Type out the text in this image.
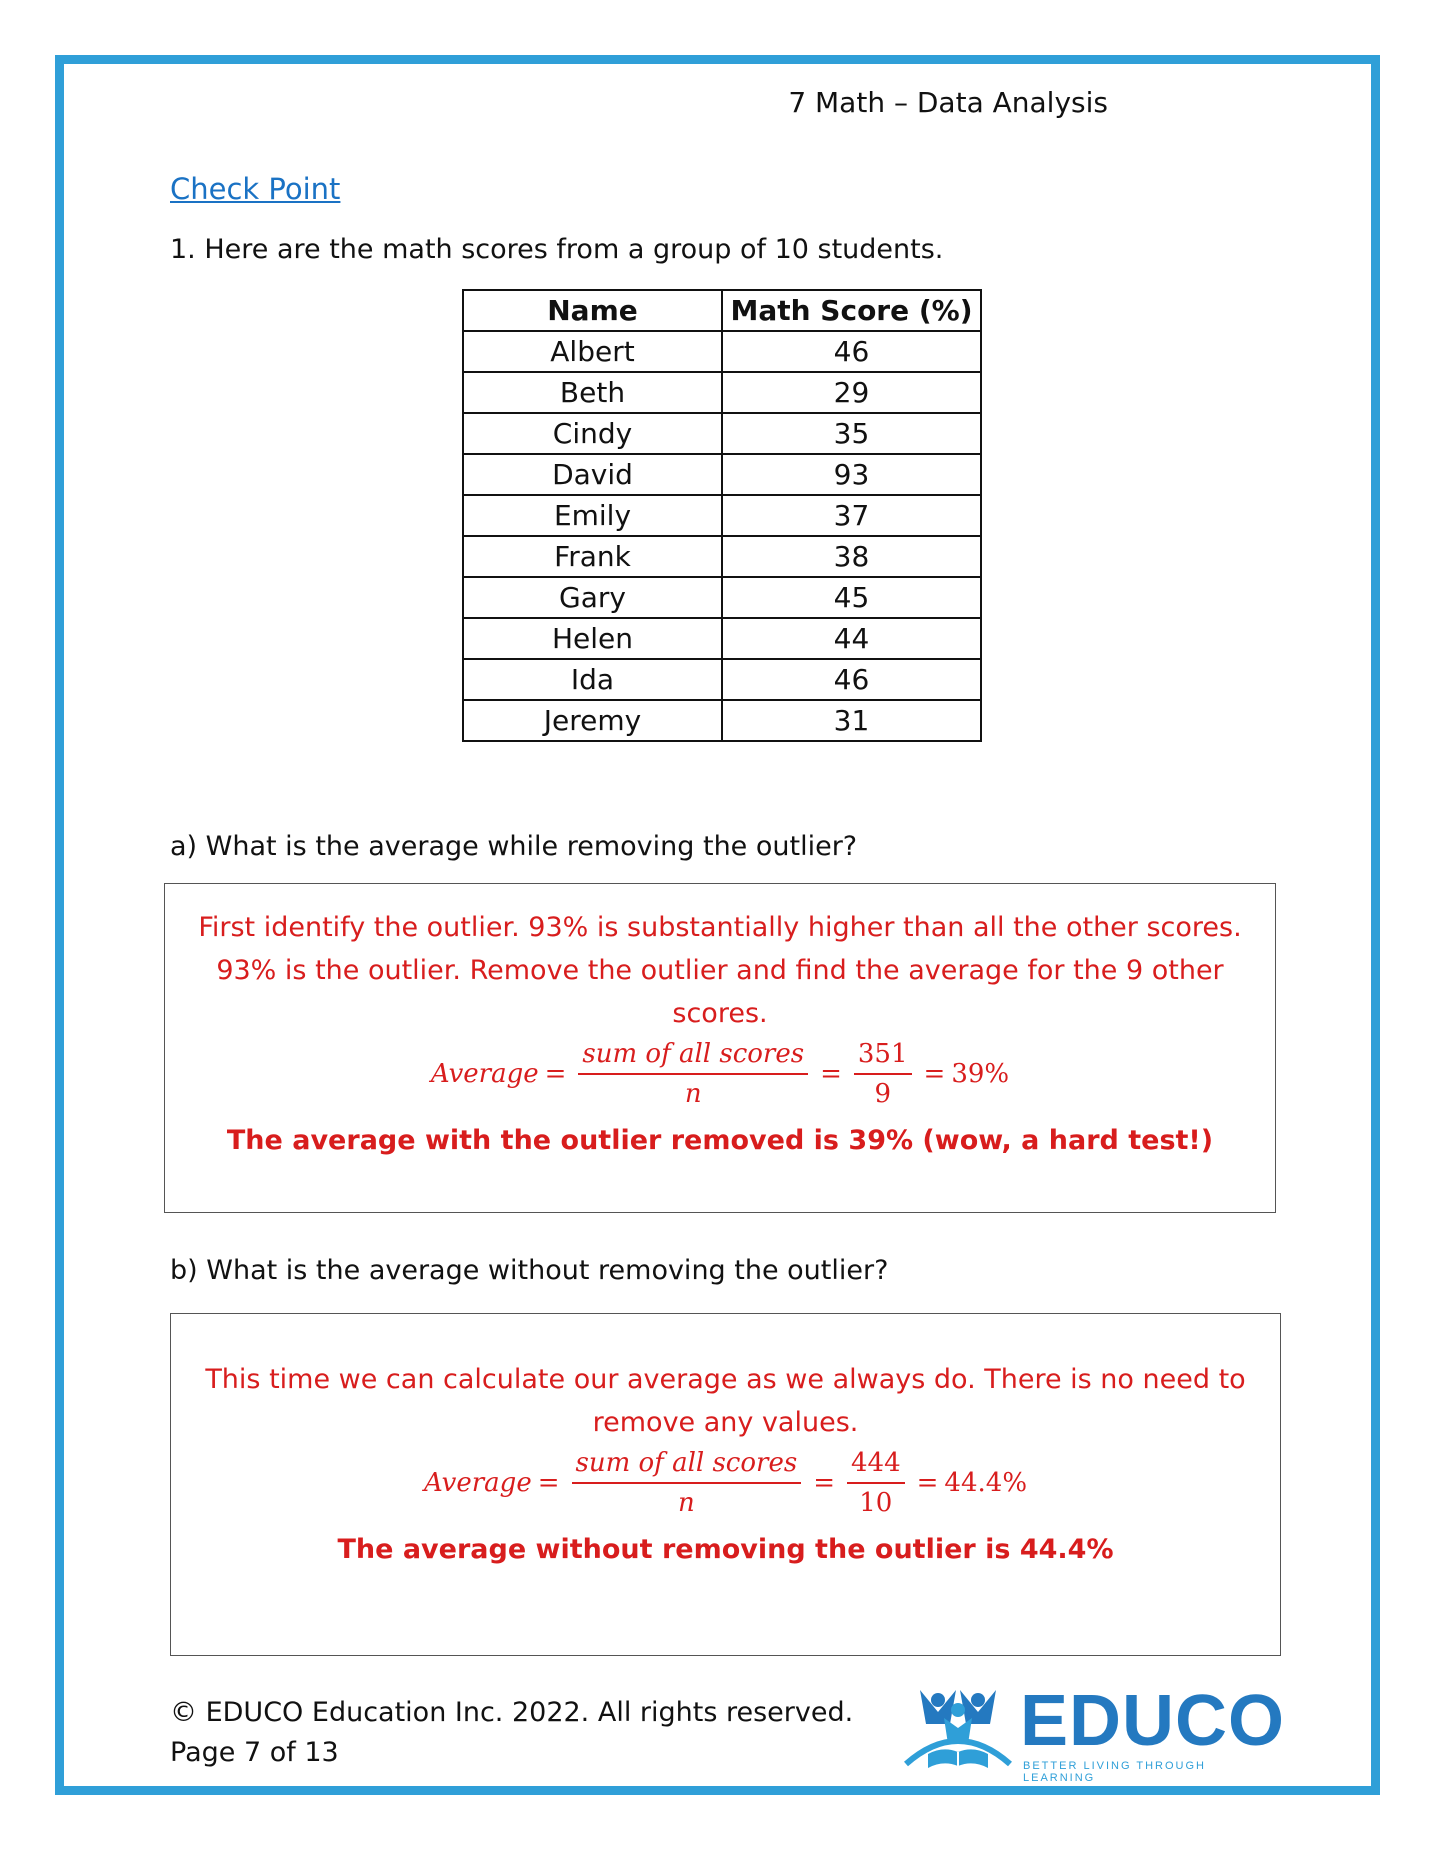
7 Math – Data Analysis
Check Point
1. Here are the math scores from a group of 10 students.
Name	Math Score (%)
Albert	46
Beth	29
Cindy	35
David	93
Emily	37
Frank	38
Gary	45
Helen	44
Ida	46
Jeremy	31
a) What is the average while removing the outlier?
First identify the outlier. 93% is substantially higher than all the other scores.
93% is the outlier. Remove the outlier and find the average for the 9 other
scores.
Average = $\frac{\text{sum of all scores}}{n} = \frac{351}{9} = 39\%$
The average with the outlier removed is 39% (wow, a hard test!)
b) What is the average without removing the outlier?
This time we can calculate our average as we always do. There is no need to
remove any values.
Average = $\frac{\text{sum of all scores}}{n} = \frac{444}{10} = 44.4\%$
The average without removing the outlier is 44.4%
© EDUCO Education Inc. 2022. All rights reserved.
Page 7 of 13	EDUCO
BETTER LIVING THROUGH LEARNING
